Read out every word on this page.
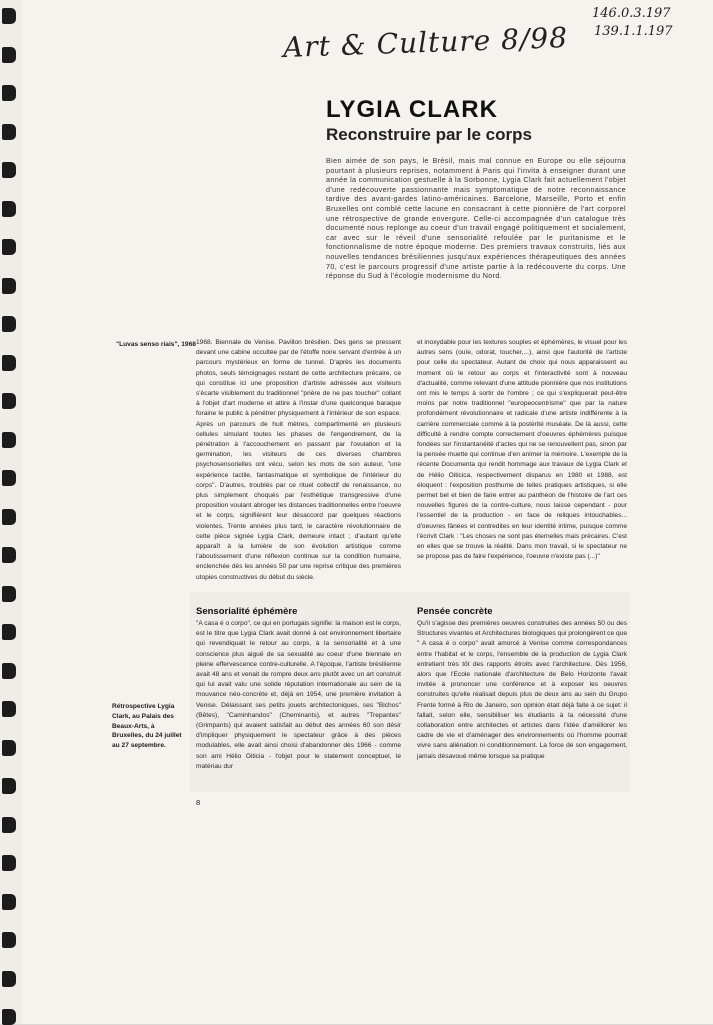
146.0.3.197
139.1.1.197
Art & Culture 8/98
LYGIA CLARK
Reconstruire par le corps

Bien aimée de son pays, le Brésil, mais mal connue en Europe ou elle séjourna pourtant à plusieurs reprises, notamment à Paris qui l'invita à enseigner durant une année la communication gestuelle à la Sorbonne, Lygia Clark fait actuellement l'objet d'une redécouverte passionnante mais symptomatique de notre reconnaissance tardive des avant-gardes latino-américaines. Barcelone, Marseille, Porto et enfin Bruxelles ont comblé cette lacune en consacrant à cette pionnière de l'art corporel une rétrospective de grande envergure. Celle-ci accompagnée d'un catalogue très documenté nous replonge au coeur d'un travail engagé politiquement et socialement, car avec sur le réveil d'une sensorialité refoulée par le puritanisme et le fonctionnalisme de notre époque moderne. Des premiers travaux construits, liés aux nouvelles tendances brésiliennes jusqu'aux expériences thérapeutiques des années 70, c'est le parcours progressif d'une artiste partie à la redécouverte du corps. Une réponse du Sud à l'écologie modernisme du Nord.

"Luvas senso riais", 1968

Rétrospective Lygia Clark, au Palais des Beaux-Arts, à Bruxelles, du 24 juillet au 27 septembre.

1968. Biennale de Venise. Pavillon brésilien. Des gens se pressent devant une cabine occultée par de l'étoffe noire servant d'entrée à un parcours mystérieux en forme de tunnel. D'après les documents photos, seuls témoignages restant de cette architecture précaire, ce qui constitue ici une proposition d'artiste adressée aux visiteurs s'écarte visiblement du traditionnel "prière de ne pas toucher" collant à l'objet d'art moderne et attire à l'instar d'une quelconque baraque foraine le public à pénétrer physiquement à l'intérieur de son espace. Après un parcours de huit mètres, compartimenté en plusieurs cellules simulant toutes les phases de l'engendrement, de la pénétration à l'accouchement en passant par l'ovulation et la germination, les visiteurs de ces diverses chambres psychosensorielles ont vécu, selon les mots de son auteur, "une expérience tactile, fantasmatique et symbolique de l'intérieur du corps". D'autres, troublés par ce rituel collectif de renaissance, ou plus simplement choqués par l'esthétique transgressive d'une proposition voulant abroger les distances traditionnelles entre l'oeuvre et le corps, signifièrent leur désaccord par quelques réactions violentes. Trente années plus tard, le caractère révolutionnaire de cette pièce signée Lygia Clark, demeure intact ; d'autant qu'elle apparaît à la lumière de son évolution artistique comme l'aboutissement d'une réflexion continue sur la condition humaine, enclenchée dès les années 50 par une reprise critique des premières utopies constructives du début du siècle.

et inoxydable pour les textures souples et éphémères, le visuel pour les autres sens (ouïe, odorat, toucher,...), ainsi que l'autorité de l'artiste pour celle du spectateur. Autant de choix qui nous apparaissent au moment où le retour au corps et l'interactivité sont à nouveau d'actualité, comme relevant d'une attitude pionnière que nos institutions ont mis le temps à sortir de l'ombre ; ce qui s'expliquerait peut-être moins par notre traditionnel "europeocentrisme" que par la nature profondément révolutionnaire et radicale d'une artiste indifférente à la carrière commerciale comme à la postérité muséale. De là aussi, cette difficulté à rendre compte correctement d'oeuvres éphémères puisque fondées sur l'instantanéité d'actes qui ne se renouvellent pas, sinon par la pensée muette qui continue d'en animer la mémoire. L'exemple de la récente Documenta qui rendit hommage aux travaux de Lygia Clark et de Hélio Oiticica, respectivement disparus en 1980 et 1988, est éloquent : l'exposition posthume de telles pratiques artistiques, si elle permet bel et bien de faire entrer au panthéon de l'histoire de l'art ces nouvelles figures de la contre-culture, nous laisse cependant - pour l'essentiel de la production - en face de reliques intouchables... d'oeuvres fânées et contredites en leur identité intime, puisque comme l'écrivit Clark : "Les choses ne sont pas éternelles mais précaires. C'est en elles que se trouve la réalité. Dans mon travail, si le spectateur ne se propose pas de faire l'expérience, l'oeuvre n'existe pas (...)"

Sensorialité éphémère

"A casa é o corpo", ce qui en portugais signifie: la maison est le corps, est le titre que Lygia Clark avait donné à cet environnement libertaire qui revendiquait le retour au corps, à la sensorialité et à une conscience plus aiguë de sa sexualité au coeur d'une biennale en pleine effervescence contre-culturelle. A l'époque, l'artiste brésilienne avait 48 ans et venait de rompre deux ans plutôt avec un art construit qui lui avait valu une solide réputation internationale au sein de la mouvance néo-concrète et, déjà en 1954, une première invitation à Venise. Délaissant ses petits jouets architectoniques, ses "Bichos" (Bêtes), "Caminhandos" (Cheminants), et autres "Trepantes" (Grimpants) qui avaient satisfait au début des années 60 son désir d'impliquer physiquement le spectateur grâce à des pièces modulables, elle avait ainsi choisi d'abandonner dès 1966 - comme son ami Hélio Oiticia - l'objet pour le statement conceptuel, le matériau dur

Pensée concrète

Qu'il s'agisse des premières oeuvres construites des années 50 ou des Structures vivantes et Architectures biologiques qui prolongèrent ce que " A casa é o corpo" avait amorcé à Venise comme correspondances entre l'habitat et le corps, l'ensemble de la production de Lygia Clark entretient très tôt des rapports étroits avec l'architecture. Dès 1956, alors que l'Ecole nationale d'architecture de Belo Horizonte l'avait invitée à prononcer une conférence et à exposer les oeuvres construites qu'elle réalisait depuis plus de deux ans au sein du Grupo Frente formé à Rio de Janeiro, son opinion était déjà faite à ce sujet: il fallait, selon elle, sensibiliser les étudiants à la nécessité d'une collaboration entre architectes et artistes dans l'idée d'améliorer les cadre de vie et d'aménager des environnements où l'homme pourrait vivre sans aliénation ni conditionnement. La force de son engagement, jamais désavoué même lorsque sa pratique

8
